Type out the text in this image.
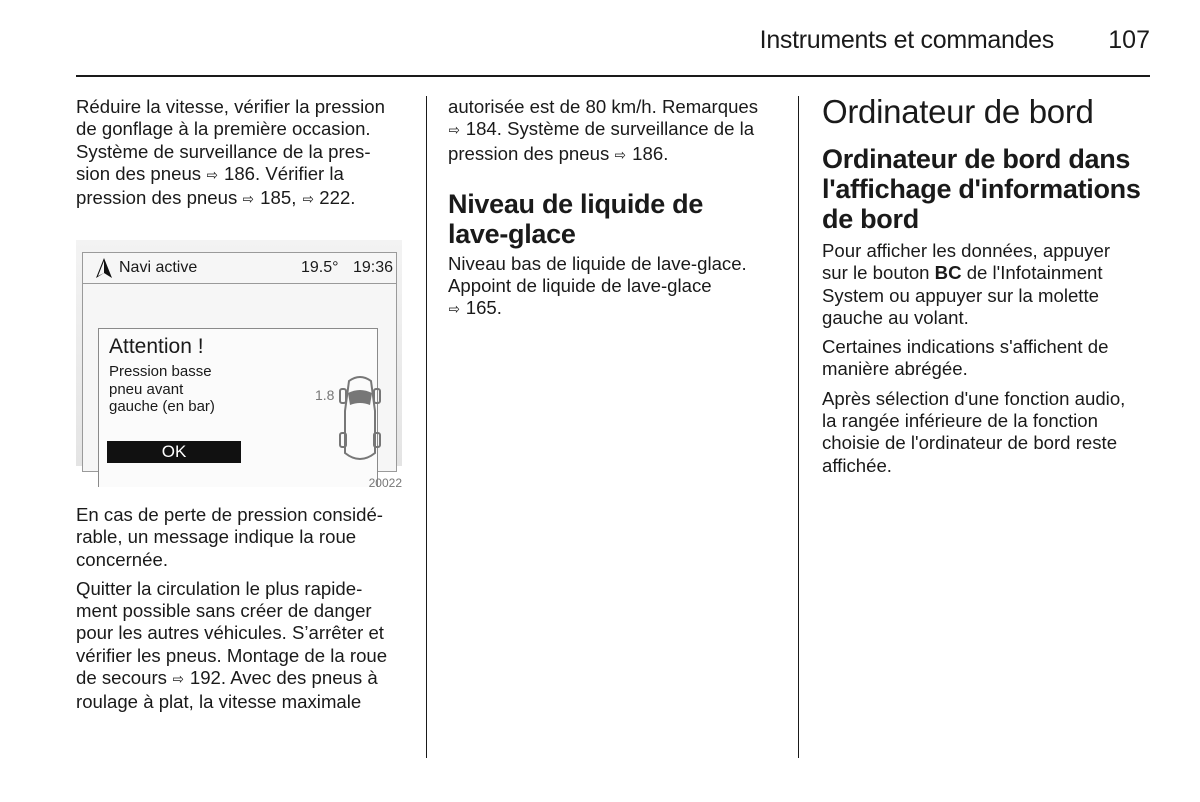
Instruments et commandes	107

Réduire la vitesse, vérifier la pression
de gonflage à la première occasion.
Système de surveillance de la pres-
sion des pneus ⇨ 186. Vérifier la
pression des pneus ⇨ 185, ⇨ 222.

Navi active	19.5° 19:36
Attention !
Pression basse
pneu avant
gauche (en bar)
OK
1.8
20022

En cas de perte de pression considé-
rable, un message indique la roue
concernée.

Quitter la circulation le plus rapide-
ment possible sans créer de danger
pour les autres véhicules. S’arrêter et
vérifier les pneus. Montage de la roue
de secours ⇨ 192. Avec des pneus à
roulage à plat, la vitesse maximale

autorisée est de 80 km/h. Remarques
⇨ 184. Système de surveillance de la
pression des pneus ⇨ 186.

Niveau de liquide de
lave-glace

Niveau bas de liquide de lave-glace.
Appoint de liquide de lave-glace
⇨ 165.

Ordinateur de bord
Ordinateur de bord dans
l'affichage d'informations
de bord

Pour afficher les données, appuyer
sur le bouton BC de l'Infotainment
System ou appuyer sur la molette
gauche au volant.

Certaines indications s'affichent de
manière abrégée.

Après sélection d'une fonction audio,
la rangée inférieure de la fonction
choisie de l'ordinateur de bord reste
affichée.
